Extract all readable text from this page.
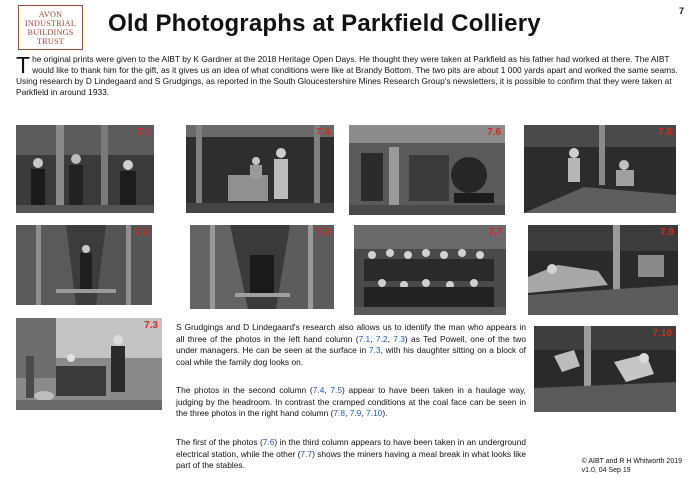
AVON
INDUSTRIAL
BUILDINGS
TRUST
Old Photographs at Parkfield Colliery	7
T he original prints were given to the AIBT by K Gardner at the 2018 Heritage Open Days. He thought they were taken at Parkfield as his father had worked at there. The AIBT would like to thank him for the gift, as it gives us an idea of what conditions were like at Brandy Bottom. The two pits are about 1 000 yards apart and worked the same seams. Using research by D Lindegaard and S Grudgings, as reported in the South Gloucestershire Mines Research Group's newsletters, it is possible to confirm that they were taken at Parkfield in around 1933.
7.1	7.4	7.6	7.8
7.2	7.5	7.7	7.9
7.3
7.10
S Grudgings and D Lindegaard's research also allows us to identify the man who appears in all three of the photos in the left hand column (7.1, 7.2, 7.3) as Ted Powell, one of the two under managers. He can be seen at the surface in 7.3, with his daughter sitting on a block of coal while the family dog looks on.
The photos in the second column (7.4, 7.5) appear to have been taken in a haulage way, judging by the headroom. In contrast the cramped conditions at the coal face can be seen in the three photos in the right hand column (7.8, 7.9, 7.10).
The first of the photos (7.6) in the third column appears to have been taken in an underground electrical station, while the other (7.7) shows the miners having a meal break in what looks like part of the stables.	© AIBT and R H Whitworth 2019
v1.0, 04 Sep 19
